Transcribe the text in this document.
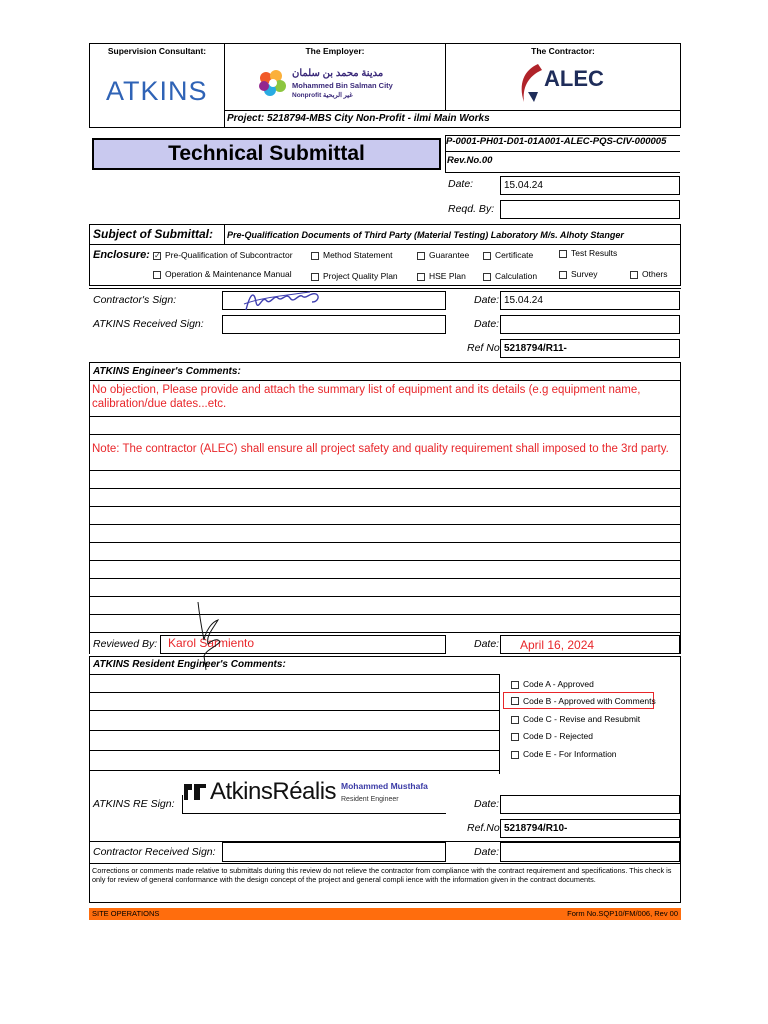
Supervision Consultant:	The Employer:	The Contractor:
ATKINS
مدينة محمد بن سلمان
Mohammed Bin Salman City
Nonprofit غير الربحية
ALEC
Project: 5218794-MBS City Non-Profit - ilmi Main Works
Technical Submittal
P-0001-PH01-D01-01A001-ALEC-PQS-CIV-000005
Rev.No.00
Date:	15.04.24
Reqd. By:
Subject of Submittal: Pre-Qualification Documents of Third Party (Material Testing) Laboratory M/s. Alhoty Stanger
Enclosure: ✓ Pre-Qualification of Subcontractor	Method Statement	Guarantee	Certificate	Test Results
Operation & Maintenance Manual	Project Quality Plan	HSE Plan	Calculation	Survey	Others
Contractor's Sign:	Date: 15.04.24
ATKINS Received Sign:	Date:
Ref No 5218794/R11-
ATKINS Engineer's Comments:
No objection, Please provide and attach the summary list of equipment and its details (e.g equipment name, calibration/due dates...etc.
Note: The contractor (ALEC) shall ensure all project safety and quality requirement shall imposed to the 3rd party.
Reviewed By: Karol Sarmiento	Date: April 16, 2024
ATKINS Resident Engineer's Comments:
Code A - Approved
Code B - Approved with Comments
Code C - Revise and Resubmit
Code D - Rejected
Code E - For Information
AtkinsRéalis Mohammed Musthafa
Resident Engineer
ATKINS RE Sign:	Date:
Ref.No 5218794/R10-
Contractor Received Sign:	Date:
Corrections or comments made relative to submittals during this review do not relieve the contractor from compliance with the contract requirement and specifications. This check is only for review of general conformance with the design concept of the project and general compli ience with the information given in the contract documents.
SITE OPERATIONS	Form No.SQP10/FM/006, Rev 00
